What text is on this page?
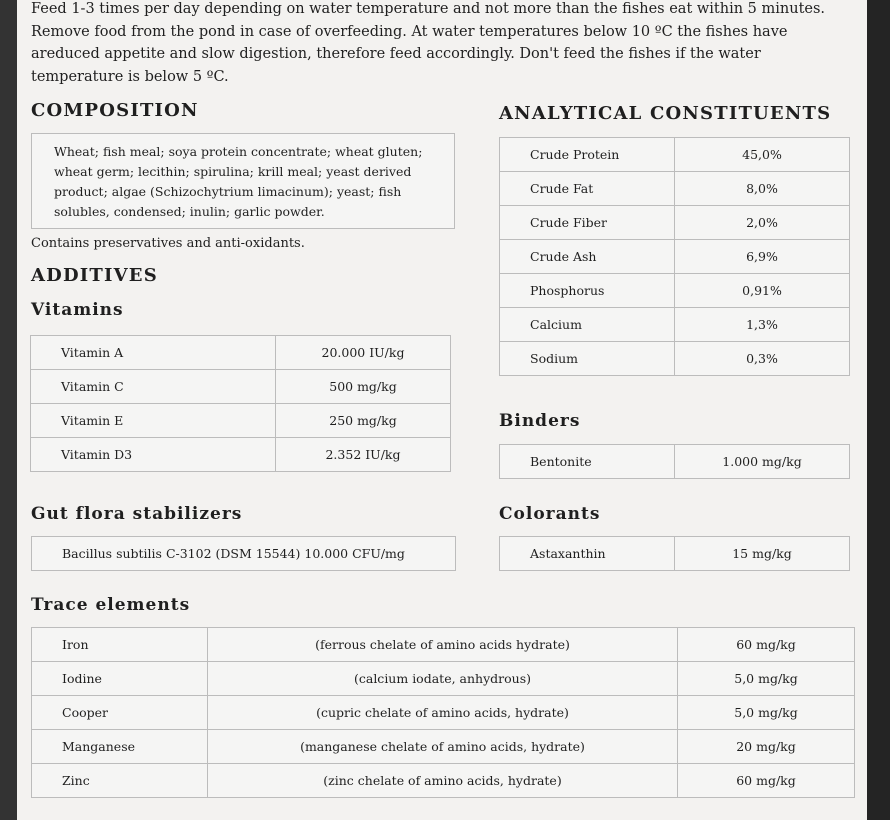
Feed 1-3 times per day depending on water temperature and not more than the fishes eat within 5 minutes. Remove food from the pond in case of overfeeding. At water temperatures below 10 ºC the fishes have areduced appetite and slow digestion, therefore feed accordingly. Don't feed the fishes if the water temperature is below 5 ºC.

COMPOSITION
Wheat; fish meal; soya protein concentrate; wheat gluten; wheat germ; lecithin; spirulina; krill meal; yeast derived product; algae (Schizochytrium limacinum); yeast; fish solubles, condensed; inulin; garlic powder.
Contains preservatives and anti-oxidants.
ADDITIVES
Vitamins
Vitamin A	20.000 IU/kg
Vitamin C	500 mg/kg
Vitamin E	250 mg/kg
Vitamin D3	2.352 IU/kg
ANALYTICAL CONSTITUENTS
Crude Protein	45,0%
Crude Fat	8,0%
Crude Fiber	2,0%
Crude Ash	6,9%
Phosphorus	0,91%
Calcium	1,3%
Sodium	0,3%
Binders
Bentonite	1.000 mg/kg
Gut flora stabilizers
Bacillus subtilis C-3102 (DSM 15544) 10.000 CFU/mg
Colorants
Astaxanthin	15 mg/kg
Trace elements
Iron	(ferrous chelate of amino acids hydrate)	60 mg/kg
Iodine	(calcium iodate, anhydrous)	5,0 mg/kg
Cooper	(cupric chelate of amino acids, hydrate)	5,0 mg/kg
Manganese	(manganese chelate of amino acids, hydrate)	20 mg/kg
Zinc	(zinc chelate of amino acids, hydrate)	60 mg/kg
